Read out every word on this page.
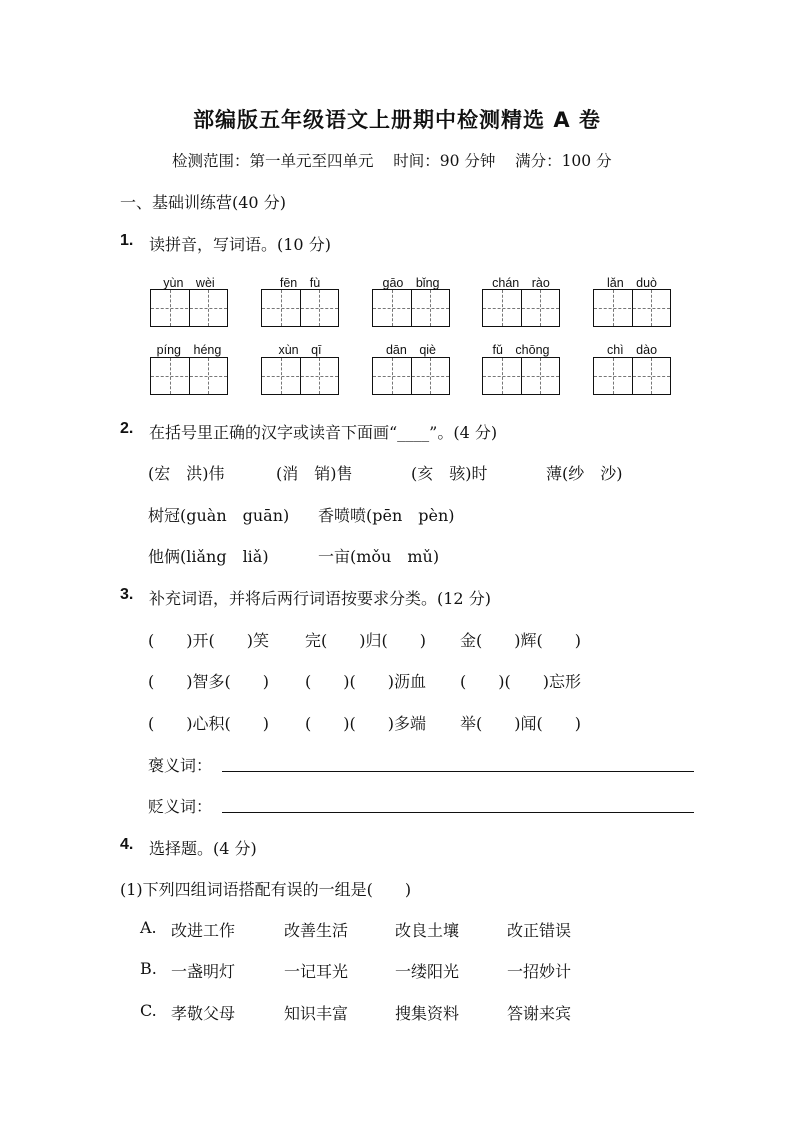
部编版五年级语文上册期中检测精选 A 卷
检测范围：第一单元至四单元    时间：90 分钟    满分：100 分
一、基础训练营(40 分)
1. 读拼音，写词语。(10 分)
yùn　wèi	fēn　fù	gāo　bǐng	chán　rào	lǎn　duò
píng　héng	xùn　qī	dān　qiè	fǔ　chōng	chì　dào
2. 在括号里正确的汉字或读音下面画“____”。(4 分)
(宏　洪)伟	(消　销)售	(亥　骇)时	薄(纱　沙)
树冠(guàn　guān) 香喷喷(pēn　pèn)
他俩(liǎng　liǎ)	一亩(mǒu　mǔ)
3. 补充词语，并将后两行词语按要求分类。(12 分)
(　　)开(　　)笑 完(　　)归(　　) 金(　　)辉(　　)
(　　)智多(　　) (　　)(　　)沥血 (　　)(　　)忘形
(　　)心积(　　) (　　)(　　)多端 举(　　)闻(　　)
褒义词：
贬义词：
4. 选择题。(4 分)
(1)下列四组词语搭配有误的一组是(　　)
A. 改进工作	改善生活	改良土壤	改正错误
B. 一盏明灯	一记耳光	一缕阳光	一招妙计
C. 孝敬父母	知识丰富	搜集资料	答谢来宾
